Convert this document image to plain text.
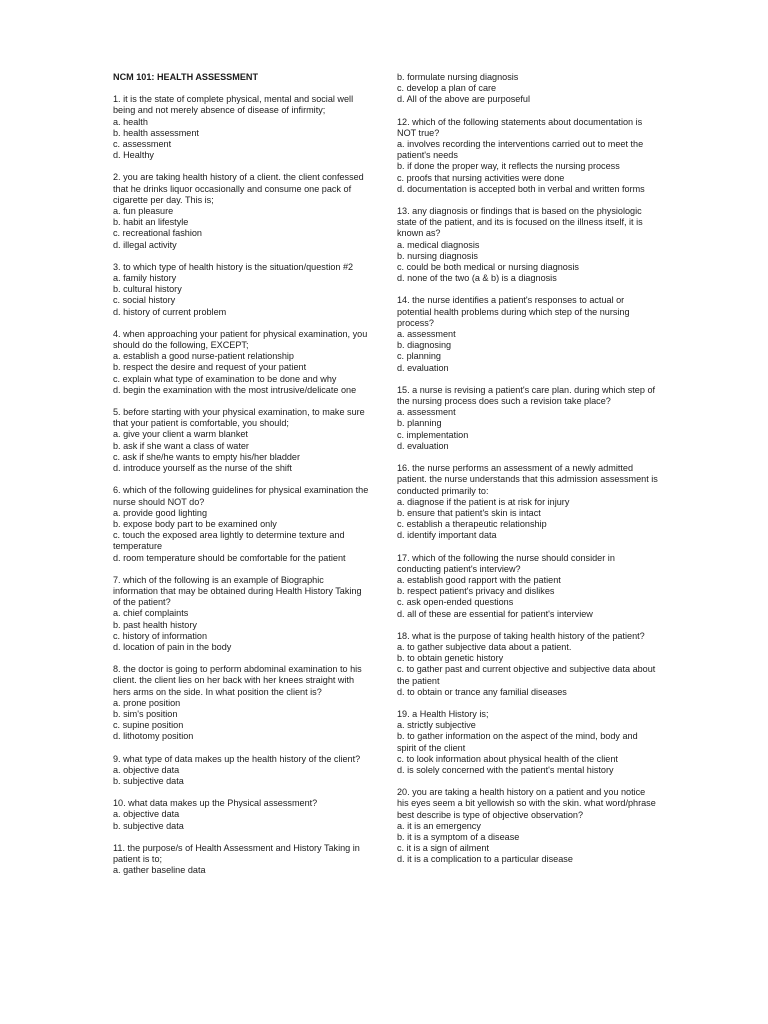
NCM 101: HEALTH ASSESSMENT

1. it is the state of complete physical, mental and social well being and not merely absence of disease of infirmity;

a. health

b. health assessment

c. assessment

d. Healthy

2. you are taking health history of a client. the client confessed that he drinks liquor occasionally and consume one pack of cigarette per day. This is;

a. fun pleasure

b. habit an lifestyle

c. recreational fashion

d. illegal activity

3. to which type of health history is the situation/question #2

a. family history

b. cultural history

c. social history

d. history of current problem

4. when approaching your patient for physical examination, you should do the following, EXCEPT;

a. establish a good nurse-patient relationship

b. respect the desire and request of your patient

c. explain what type of examination to be done and why

d. begin the examination with the most intrusive/delicate one

5. before starting with your physical examination, to make sure that your patient is comfortable, you should;

a. give your client a warm blanket

b. ask if she want a class of water

c. ask if she/he wants to empty his/her bladder

d. introduce yourself as the nurse of the shift

6. which of the following guidelines for physical examination the nurse should NOT do?

a. provide good lighting

b. expose body part to be examined only

c. touch the exposed area lightly to determine texture and temperature

d. room temperature should be comfortable for the patient

7. which of the following is an example of Biographic information that may be obtained during Health History Taking of the patient?

a. chief complaints

b. past health history

c. history of information

d. location of pain in the body

8. the doctor is going to perform abdominal examination to his client. the client lies on her back with her knees straight with hers arms on the side. In what position the client is?

a. prone position

b. sim's position

c. supine position

d. lithotomy position

9. what type of data makes up the health history of the client?

a. objective data

b. subjective data

10. what data makes up the Physical assessment?

a. objective data

b. subjective data

11. the purpose/s of Health Assessment and History Taking in patient is to;

a. gather baseline data

b. formulate nursing diagnosis

c. develop a plan of care

d. All of the above are purposeful

12. which of the following statements about documentation is NOT true?

a. involves recording the interventions carried out to meet the patient's needs

b. if done the proper way, it reflects the nursing process

c. proofs that nursing activities were done

d. documentation is accepted both in verbal and written forms

13. any diagnosis or findings that is based on the physiologic state of the patient, and its is focused on the illness itself, it is known as?

a. medical diagnosis

b. nursing diagnosis

c. could be both medical or nursing diagnosis

d. none of the two (a & b) is a diagnosis

14. the nurse identifies a patient's responses to actual or potential health problems during which step of the nursing process?

a. assessment

b. diagnosing

c. planning

d. evaluation

15. a nurse is revising a patient's care plan. during which step of the nursing process does such a revision take place?

a. assessment

b. planning

c. implementation

d. evaluation

16. the nurse performs an assessment of a newly admitted patient. the nurse understands that this admission assessment is conducted primarily to:

a. diagnose if the patient is at risk for injury

b. ensure that patient's skin is intact

c. establish a therapeutic relationship

d. identify important data

17. which of the following the nurse should consider in conducting patient's interview?

a. establish good rapport with the patient

b. respect patient's privacy and dislikes

c. ask open-ended questions

d. all of these are essential for patient's interview

18. what is the purpose of taking health history of the patient?

a. to gather subjective data about a patient.

b. to obtain genetic history

c. to gather past and current objective and subjective data about the patient

d. to obtain or trance any familial diseases

19. a Health History is;

a. strictly subjective

b. to gather information on the aspect of the mind, body and spirit of the client

c. to look information about physical health of the client

d. is solely concerned with the patient's mental history

20. you are taking a health history on a patient and you notice his eyes seem a bit yellowish so with the skin. what word/phrase best describe is type of objective observation?

a. it is an emergency

b. it is a symptom of a disease

c. it is a sign of ailment

d. it is a complication to a particular disease
